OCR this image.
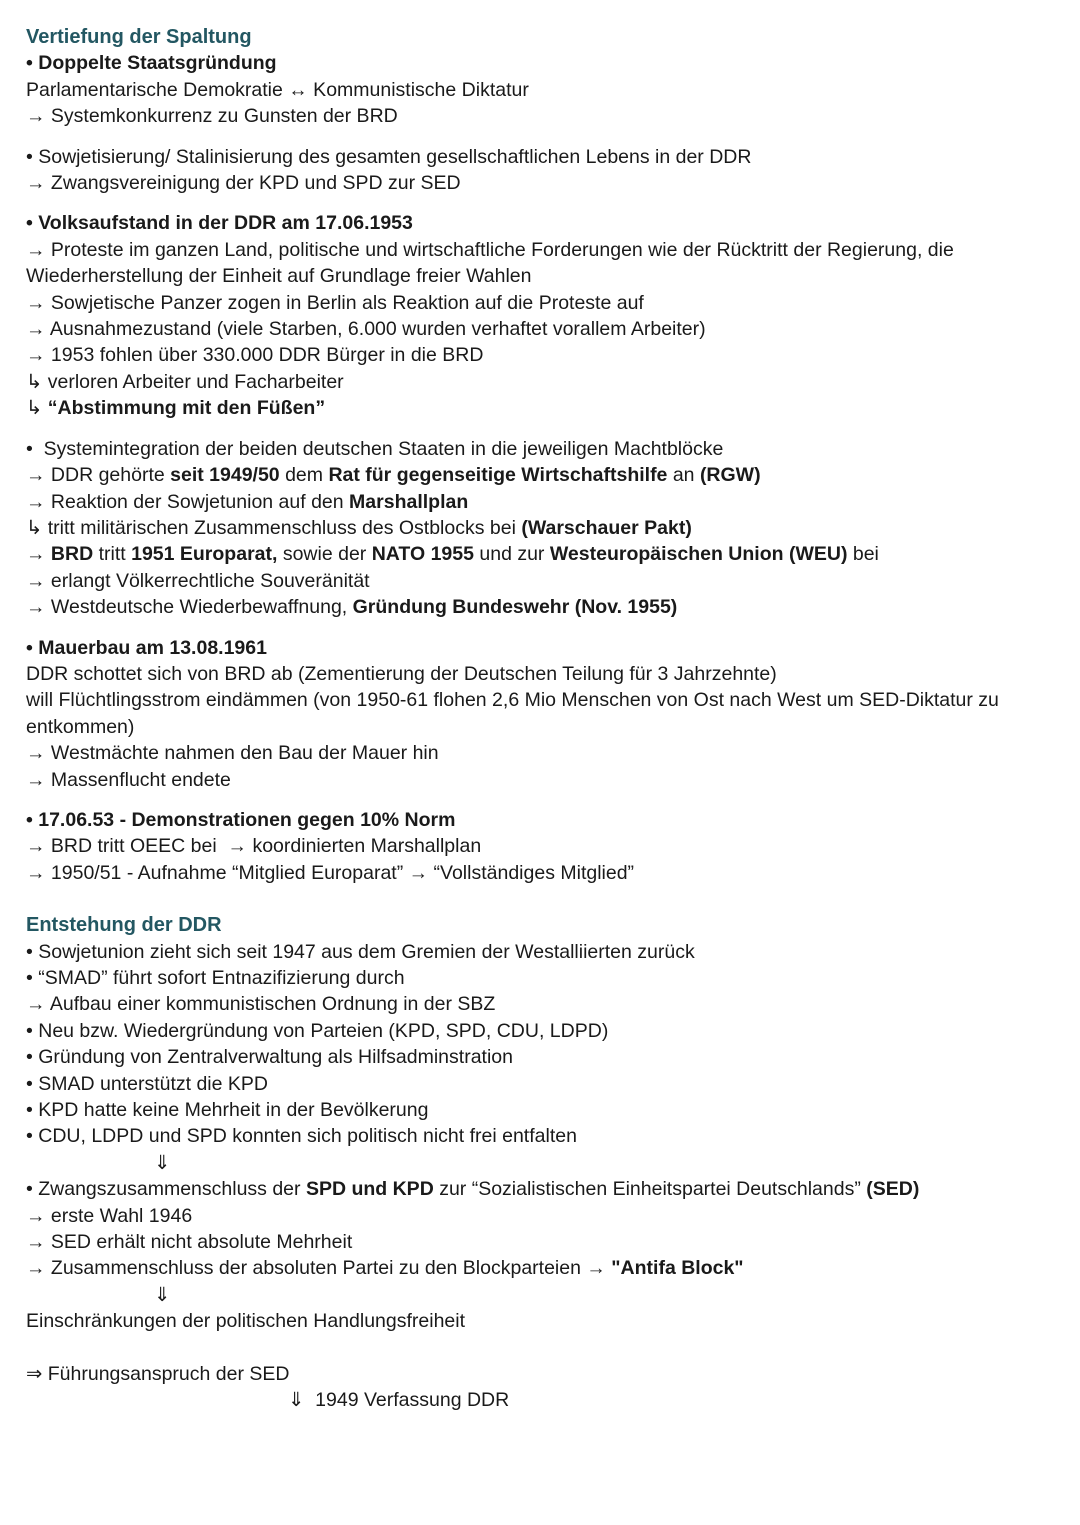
Vertiefung der Spaltung
• Doppelte Staatsgründung
Parlamentarische Demokratie ↔ Kommunistische Diktatur
→ Systemkonkurrenz zu Gunsten der BRD
• Sowjetisierung/ Stalinisierung des gesamten gesellschaftlichen Lebens in der DDR
→ Zwangsvereinigung der KPD und SPD zur SED
• Volksaufstand in der DDR am 17.06.1953
→ Proteste im ganzen Land, politische und wirtschaftliche Forderungen wie der Rücktritt der Regierung, die
Wiederherstellung der Einheit auf Grundlage freier Wahlen
→ Sowjetische Panzer zogen in Berlin als Reaktion auf die Proteste auf
→ Ausnahmezustand (viele Starben, 6.000 wurden verhaftet vorallem Arbeiter)
→ 1953 fohlen über 330.000 DDR Bürger in die BRD
↳ verloren Arbeiter und Facharbeiter
↳ “Abstimmung mit den Füßen”
•  Systemintegration der beiden deutschen Staaten in die jeweiligen Machtblöcke
→ DDR gehörte seit 1949/50 dem Rat für gegenseitige Wirtschaftshilfe an (RGW)
→ Reaktion der Sowjetunion auf den Marshallplan
↳ tritt militärischen Zusammenschluss des Ostblocks bei (Warschauer Pakt)
→ BRD tritt 1951 Europarat, sowie der NATO 1955 und zur Westeuropäischen Union (WEU) bei
→ erlangt Völkerrechtliche Souveränität
→ Westdeutsche Wiederbewaffnung, Gründung Bundeswehr (Nov. 1955)
• Mauerbau am 13.08.1961
DDR schottet sich von BRD ab (Zementierung der Deutschen Teilung für 3 Jahrzehnte)
will Flüchtlingsstrom eindämmen (von 1950-61 flohen 2,6 Mio Menschen von Ost nach West um SED-Diktatur zu
entkommen)
→ Westmächte nahmen den Bau der Mauer hin
→ Massenflucht endete
• 17.06.53 - Demonstrationen gegen 10% Norm
→ BRD tritt OEEC bei  → koordinierten Marshallplan
→ 1950/51 - Aufnahme “Mitglied Europarat” → “Vollständiges Mitglied”
Entstehung der DDR
• Sowjetunion zieht sich seit 1947 aus dem Gremien der Westalliierten zurück
• “SMAD” führt sofort Entnazifizierung durch
→ Aufbau einer kommunistischen Ordnung in der SBZ
• Neu bzw. Wiedergründung von Parteien (KPD, SPD, CDU, LDPD)
• Gründung von Zentralverwaltung als Hilfsadminstration
• SMAD unterstützt die KPD
• KPD hatte keine Mehrheit in der Bevölkerung
• CDU, LDPD und SPD konnten sich politisch nicht frei entfalten
⇓
• Zwangszusammenschluss der SPD und KPD zur “Sozialistischen Einheitspartei Deutschlands” (SED)
→ erste Wahl 1946
→ SED erhält nicht absolute Mehrheit
→ Zusammenschluss der absoluten Partei zu den Blockparteien → "Antifa Block"
⇓
Einschränkungen der politischen Handlungsfreiheit
⇒ Führungsanspruch der SED
⇓  1949 Verfassung DDR
